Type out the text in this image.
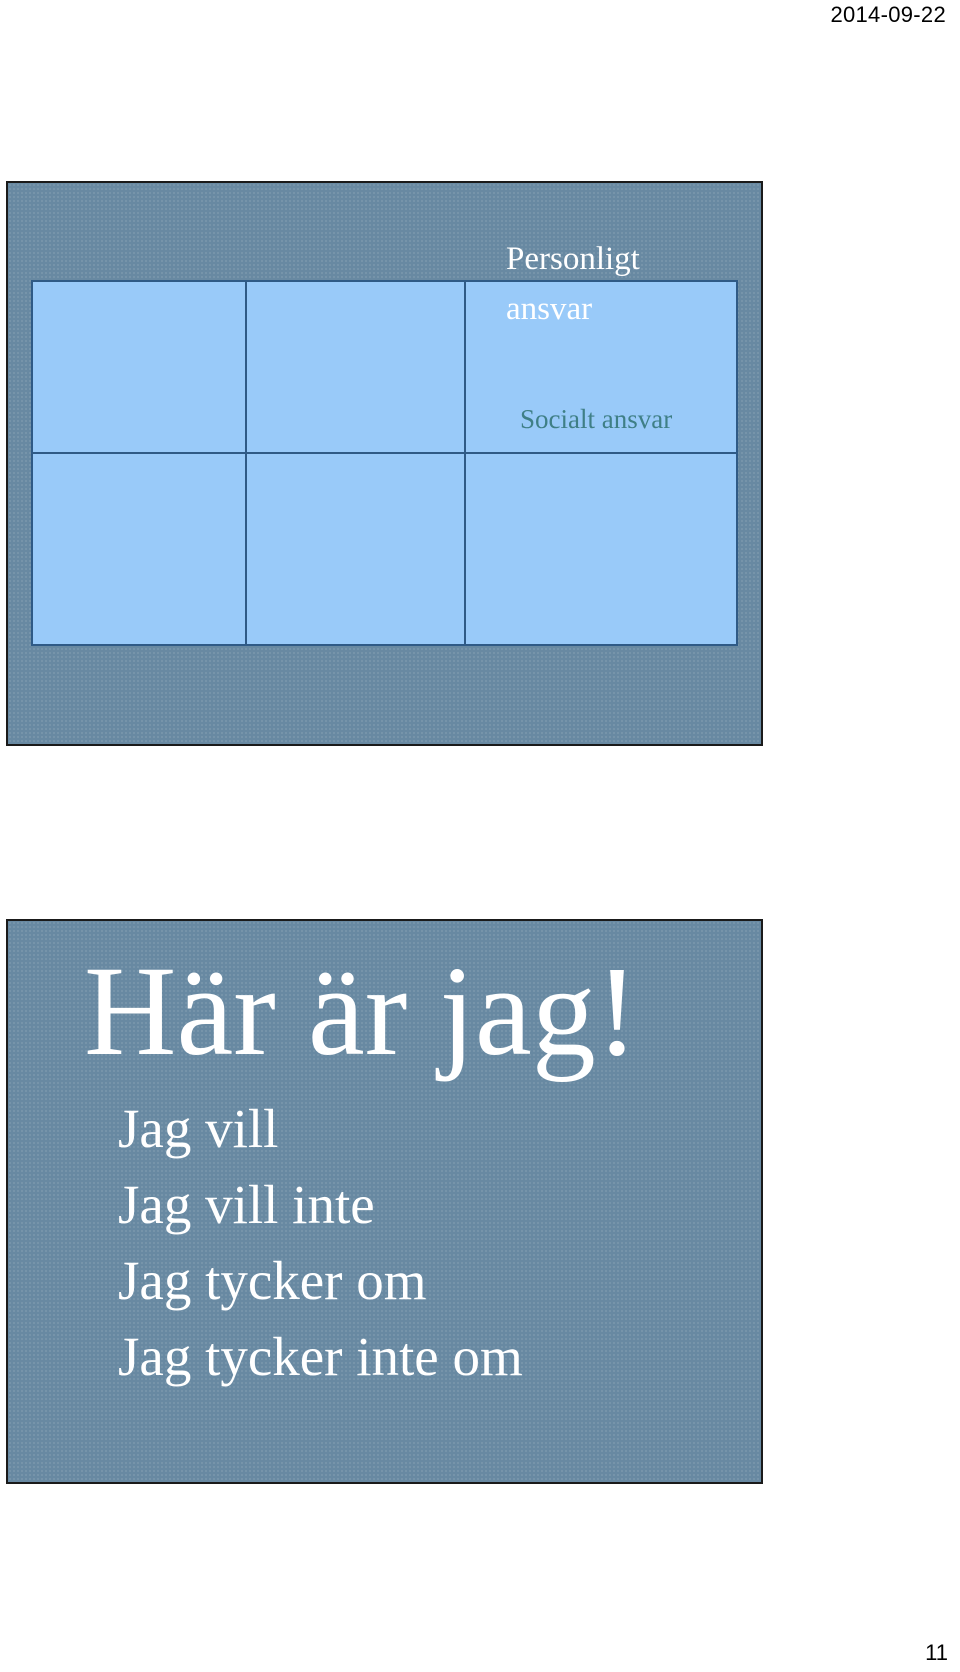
2014-09-22
Personligt ansvar
Socialt ansvar
Här är jag!
Jag vill
Jag vill inte
Jag tycker om
Jag tycker inte om
11
